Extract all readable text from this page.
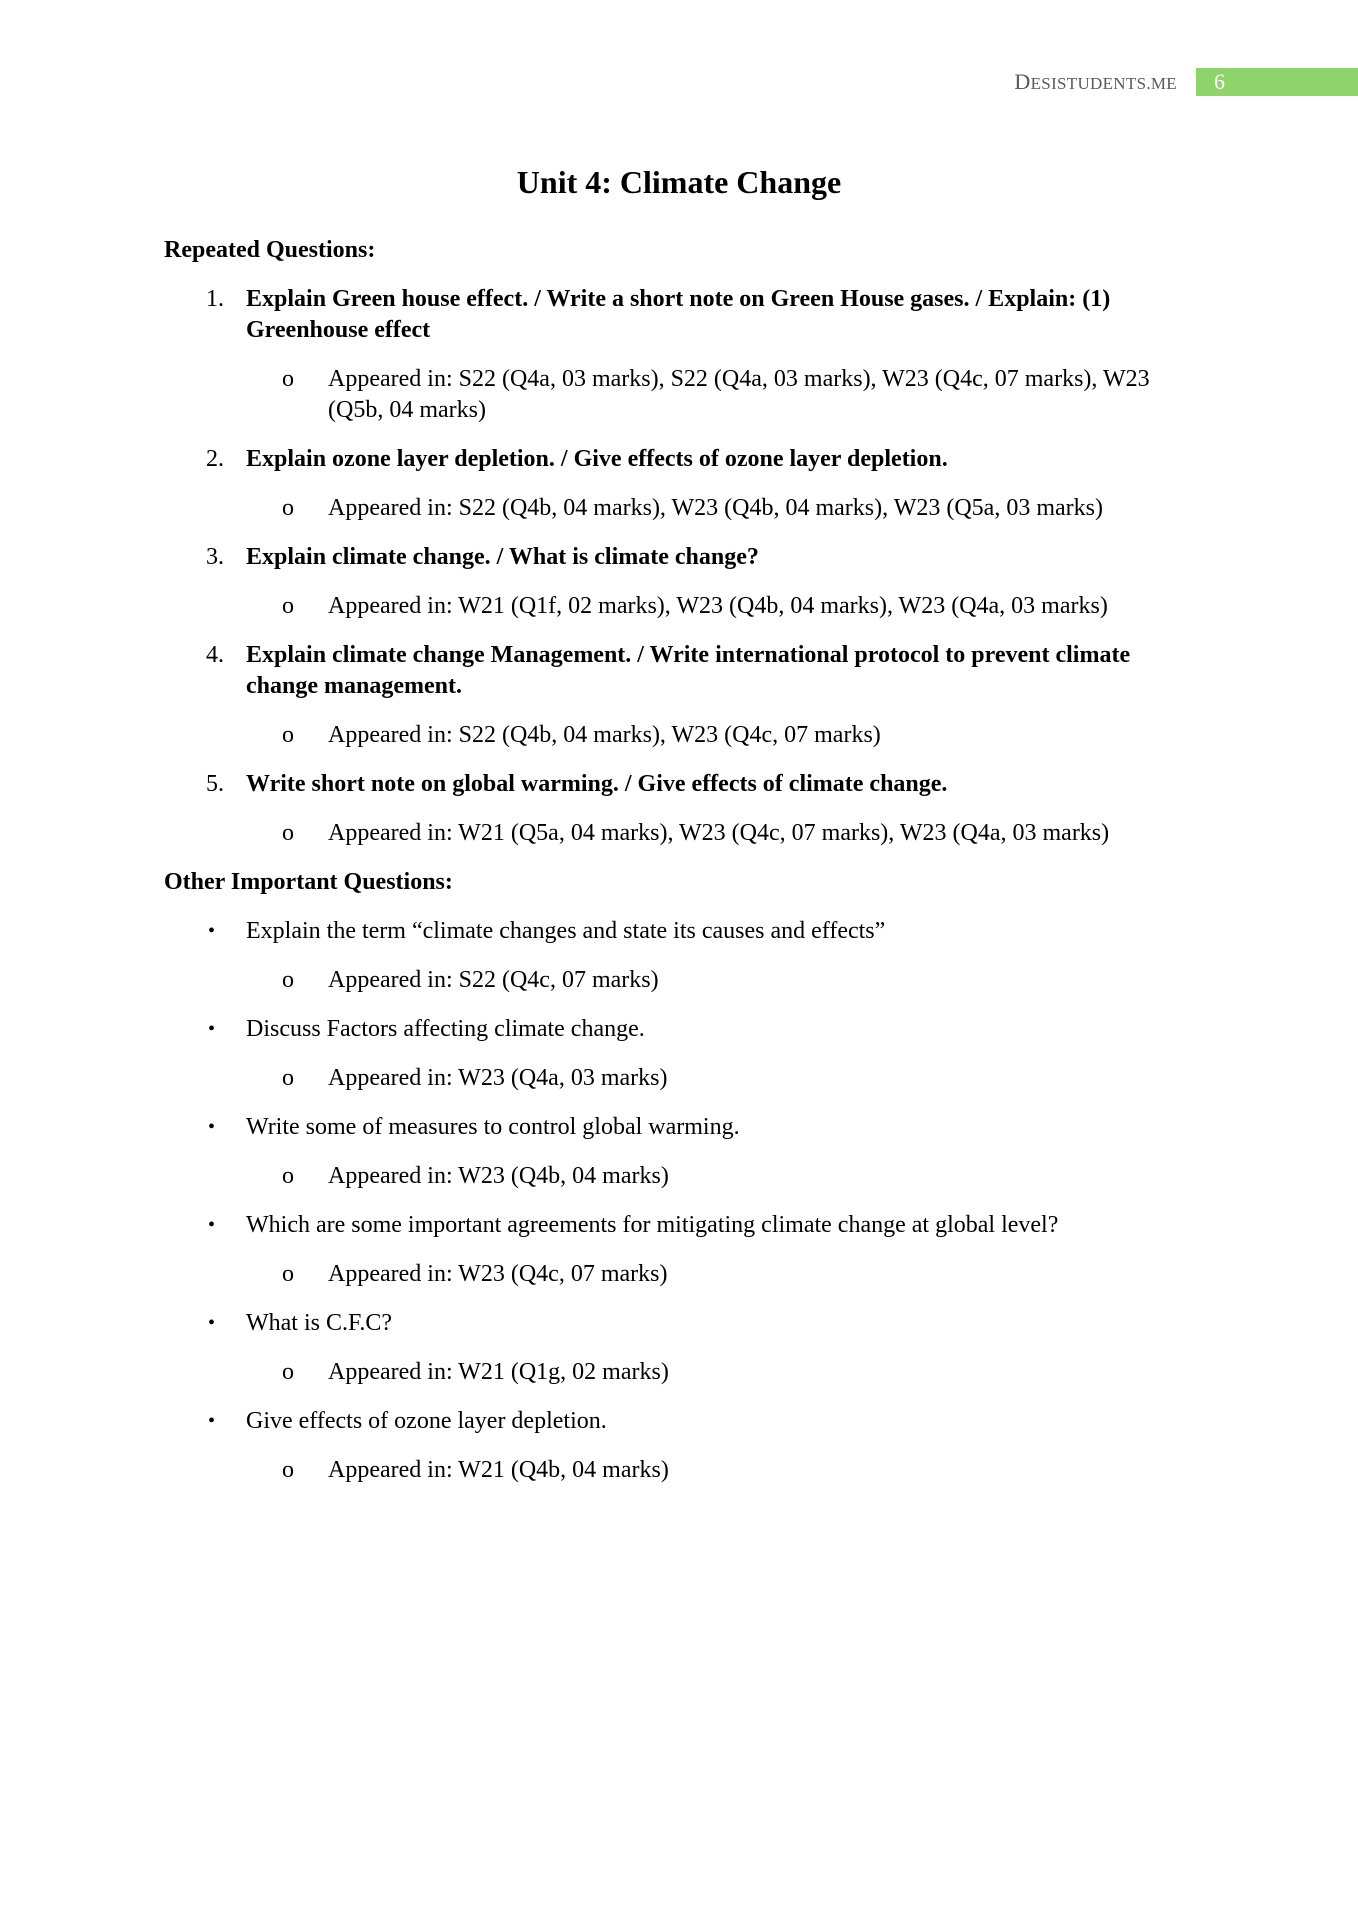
DESISTUDENTS.ME	6
Unit 4: Climate Change
Repeated Questions:
1. Explain Green house effect. / Write a short note on Green House gases. / Explain: (1) Greenhouse effect
o	Appeared in: S22 (Q4a, 03 marks), S22 (Q4a, 03 marks), W23 (Q4c, 07 marks), W23 (Q5b, 04 marks)
2. Explain ozone layer depletion. / Give effects of ozone layer depletion.
o	Appeared in: S22 (Q4b, 04 marks), W23 (Q4b, 04 marks), W23 (Q5a, 03 marks)
3. Explain climate change. / What is climate change?
o	Appeared in: W21 (Q1f, 02 marks), W23 (Q4b, 04 marks), W23 (Q4a, 03 marks)
4. Explain climate change Management. / Write international protocol to prevent climate change management.
o	Appeared in: S22 (Q4b, 04 marks), W23 (Q4c, 07 marks)
5. Write short note on global warming. / Give effects of climate change.
o	Appeared in: W21 (Q5a, 04 marks), W23 (Q4c, 07 marks), W23 (Q4a, 03 marks)
Other Important Questions:
•	Explain the term “climate changes and state its causes and effects”
o	Appeared in: S22 (Q4c, 07 marks)
•	Discuss Factors affecting climate change.
o	Appeared in: W23 (Q4a, 03 marks)
•	Write some of measures to control global warming.
o	Appeared in: W23 (Q4b, 04 marks)
•	Which are some important agreements for mitigating climate change at global level?
o	Appeared in: W23 (Q4c, 07 marks)
•	What is C.F.C?
o	Appeared in: W21 (Q1g, 02 marks)
•	Give effects of ozone layer depletion.
o	Appeared in: W21 (Q4b, 04 marks)
